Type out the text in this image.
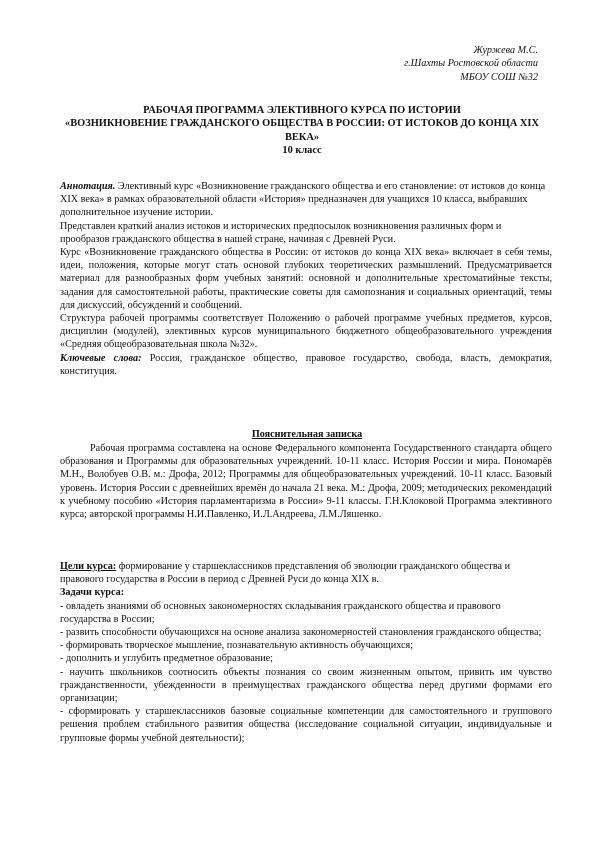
Журжева М.С.
г.Шахты Ростовской области
МБОУ СОШ №32
РАБОЧАЯ ПРОГРАММА ЭЛЕКТИВНОГО КУРСА ПО ИСТОРИИ
«ВОЗНИКНОВЕНИЕ ГРАЖДАНСКОГО ОБЩЕСТВА В РОССИИ: ОТ ИСТОКОВ ДО КОНЦА XIX ВЕКА»
10 класс

Аннотация. Элективный курс «Возникновение гражданского общества и его становление: от истоков до конца XIX века» в рамках образовательной области «История» предназначен для учащихся 10 класса, выбравших дополнительное изучение истории.

Представлен краткий анализ истоков и исторических предпосылок возникновения различных форм и прообразов гражданского общества в нашей стране, начиная с Древней Руси.

Курс «Возникновение гражданского общества в России: от истоков до конца XIX века» включает в себя темы, идеи, положения, которые могут стать основой глубоких теоретических размышлений. Предусматривается материал для разнообразных форм учебных занятий: основной и дополнительные хрестоматийные тексты, задания для самостоятельной работы, практические советы для самопознания и социальных ориентаций, темы для дискуссий, обсуждений и сообщений.

Структура рабочей программы соответствует Положению о рабочей программе учебных предметов, курсов, дисциплин (модулей), элективных курсов муниципального бюджетного общеобразовательного учреждения «Средняя общеобразовательная школа №32».

Ключевые слова: Россия, гражданское общество, правовое государство, свобода, власть, демократия, конституция.

Пояснительная записка

Рабочая программа составлена на основе Федерального компонента Государственного стандарта общего образования и Программы для образовательных учреждений. 10-11 класс. История России и мира. Пономарёв М.Н., Волобуев О.В. м.: Дрофа, 2012; Программы для общеобразовательных учреждений. 10-11 класс. Базовый уровень. История России с древнейших времён до начала 21 века. М.: Дрофа, 2009; методических рекомендаций к учебному пособию «История парламентаризма в России» 9-11 классы. Г.Н.Клоковой Программа элективного курса; авторской программы Н.И.Павленко, И.Л.Андреева, Л.М.Ляшенко.

Цели курса: формирование у старшеклассников представления об эволюции гражданского общества и правового государства в России в период с Древней Руси до конца XIX в.

Задачи курса:

- овладеть знаниями об основных закономерностях складывания гражданского общества и правового государства в России;
- развить способности обучающихся на основе анализа закономерностей становления гражданского общества;
- формировать творческое мышление, познавательную активность обучающихся;
- дополнить и углубить предметное образование;
- научить школьников соотносить объекты познания со своим жизненным опытом, привить им чувство гражданственности, убежденности в преимуществах гражданского общества перед другими формами его организации;
- сформировать у старшеклассников базовые социальные компетенции для самостоятельного и группового решения проблем стабильного развития общества (исследование социальной ситуации, индивидуальные и групповые формы учебной деятельности);
